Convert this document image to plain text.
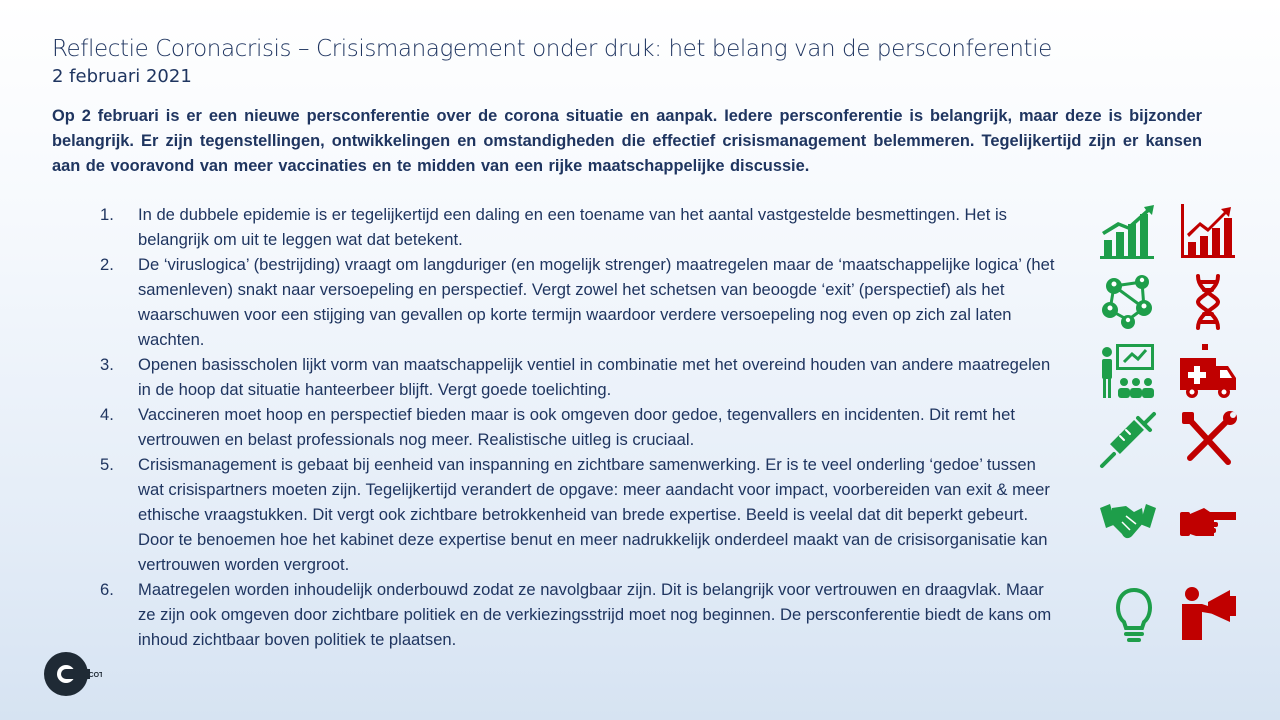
Reflectie Coronacrisis – Crisismanagement onder druk: het belang van de persconferentie
2 februari 2021
Op 2 februari is er een nieuwe persconferentie over de corona situatie en aanpak. Iedere persconferentie is belangrijk, maar deze is bijzonder belangrijk. Er zijn tegenstellingen, ontwikkelingen en omstandigheden die effectief crisismanagement belemmeren. Tegelijkertijd zijn er kansen aan de vooravond van meer vaccinaties en te midden van een rijke maatschappelijke discussie.
1. In de dubbele epidemie is er tegelijkertijd een daling en een toename van het aantal vastgestelde besmettingen. Het is belangrijk om uit te leggen wat dat betekent.
2. De ‘viruslogica’ (bestrijding) vraagt om langduriger (en mogelijk strenger) maatregelen maar de ‘maatschappelijke logica’ (het samenleven) snakt naar versoepeling en perspectief. Vergt zowel het schetsen van beoogde ‘exit’ (perspectief) als het waarschuwen voor een stijging van gevallen op korte termijn waardoor verdere versoepeling nog even op zich zal laten wachten.
3. Openen basisscholen lijkt vorm van maatschappelijk ventiel in combinatie met het overeind houden van andere maatregelen in de hoop dat situatie hanteerbeer blijft. Vergt goede toelichting.
4. Vaccineren moet hoop en perspectief bieden maar is ook omgeven door gedoe, tegenvallers en incidenten. Dit remt het vertrouwen en belast professionals nog meer. Realistische uitleg is cruciaal.
5. Crisismanagement is gebaat bij eenheid van inspanning en zichtbare samenwerking. Er is te veel onderling ‘gedoe’ tussen wat crisispartners moeten zijn. Tegelijkertijd verandert de opgave: meer aandacht voor impact, voorbereiden van exit & meer ethische vraagstukken. Dit vergt ook zichtbare betrokkenheid van brede expertise. Beeld is veelal dat dit beperkt gebeurt. Door te benoemen hoe het kabinet deze expertise benut en meer nadrukkelijk onderdeel maakt van de crisisorganisatie kan vertrouwen worden vergroot.
6. Maatregelen worden inhoudelijk onderbouwd zodat ze navolgbaar zijn. Dit is belangrijk voor vertrouwen en draagvlak. Maar ze zijn ook omgeven door zichtbare politiek en de verkiezingsstrijd moet nog beginnen. De persconferentie biedt de kans om inhoud zichtbaar boven politiek te plaatsen.
COT
